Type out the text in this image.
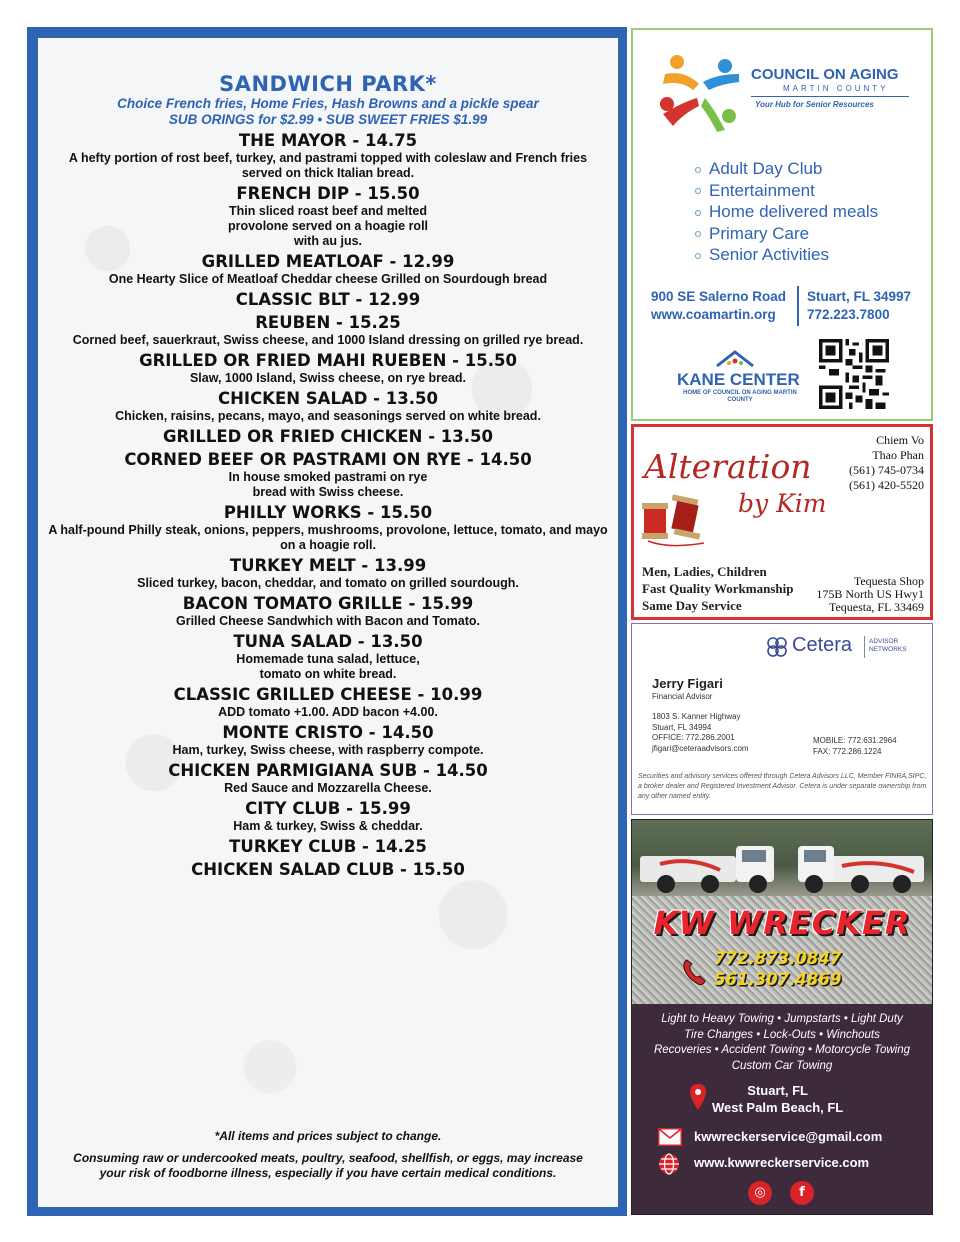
SANDWICH PARK*
Choice French fries, Home Fries, Hash Browns and a pickle spear
SUB ORINGS for $2.99 • SUB SWEET FRIES $1.99
THE MAYOR - 14.75
A hefty portion of rost beef, turkey, and pastrami topped with coleslaw and French fries served on thick Italian bread.
FRENCH DIP - 15.50
Thin sliced roast beef and melted provolone served on a hoagie roll with au jus.
GRILLED MEATLOAF - 12.99
One Hearty Slice of Meatloaf Cheddar cheese Grilled on Sourdough bread
CLASSIC BLT - 12.99
REUBEN - 15.25
Corned beef, sauerkraut, Swiss cheese, and 1000 Island dressing on grilled rye bread.
GRILLED OR FRIED MAHI RUEBEN - 15.50
Slaw, 1000 Island, Swiss cheese, on rye bread.
CHICKEN SALAD - 13.50
Chicken, raisins, pecans, mayo, and seasonings served on white bread.
GRILLED OR FRIED CHICKEN - 13.50
CORNED BEEF OR PASTRAMI ON RYE - 14.50
In house smoked pastrami on rye bread with Swiss cheese.
PHILLY WORKS - 15.50
A half-pound Philly steak, onions, peppers, mushrooms, provolone, lettuce, tomato, and mayo on a hoagie roll.
TURKEY MELT - 13.99
Sliced turkey, bacon, cheddar, and tomato on grilled sourdough.
BACON TOMATO GRILLE - 15.99
Grilled Cheese Sandwhich with Bacon and Tomato.
TUNA SALAD - 13.50
Homemade tuna salad, lettuce, tomato on white bread.
CLASSIC GRILLED CHEESE - 10.99
ADD tomato +1.00. ADD bacon +4.00.
MONTE CRISTO - 14.50
Ham, turkey, Swiss cheese, with raspberry compote.
CHICKEN PARMIGIANA SUB - 14.50
Red Sauce and Mozzarella Cheese.
CITY CLUB - 15.99
Ham & turkey, Swiss & cheddar.
TURKEY CLUB - 14.25
CHICKEN SALAD CLUB - 15.50
*All items and prices subject to change.
Consuming raw or undercooked meats, poultry, seafood, shellfish, or eggs, may increase
your risk of foodborne illness, especially if you have certain medical conditions.
COUNCIL ON AGING
MARTIN COUNTY
Your Hub for Senior Resources
Adult Day Club
Entertainment
Home delivered meals
Primary Care
Senior Activities
900 SE Salerno Road
www.coamartin.org
Stuart, FL 34997
772.223.7800
KANE CENTER
HOME OF COUNCIL ON AGING MARTIN COUNTY
Alteration
by Kim
Chiem Vo
Thao Phan
(561) 745-0734
(561) 420-5520
Men, Ladies, Children
Fast Quality Workmanship
Same Day Service
Tequesta Shop
175B North US Hwy1
Tequesta, FL 33469
Cetera	ADVISOR
NETWORKS
Jerry Figari
Financial Advisor
1803 S. Kanner Highway
Stuart, FL 34994
OFFICE: 772.286.2001
jfigari@ceteraadvisors.com
MOBILE: 772.631.2964
FAX: 772.286.1224
Securities and advisory services offered through Cetera Advisors LLC, Member FINRA,SIPC, a broker dealer and Registered Investment Advisor. Cetera is under separate ownership from any other named entity.
KW WRECKER
772.873.0847
561.307.4869
Light to Heavy Towing • Jumpstarts • Light Duty
Tire Changes • Lock-Outs • Winchouts
Recoveries • Accident Towing • Motorcycle Towing
Custom Car Towing
Stuart, FL
West Palm Beach, FL
kwwreckerservice@gmail.com
www.kwwreckerservice.com
◎	f
